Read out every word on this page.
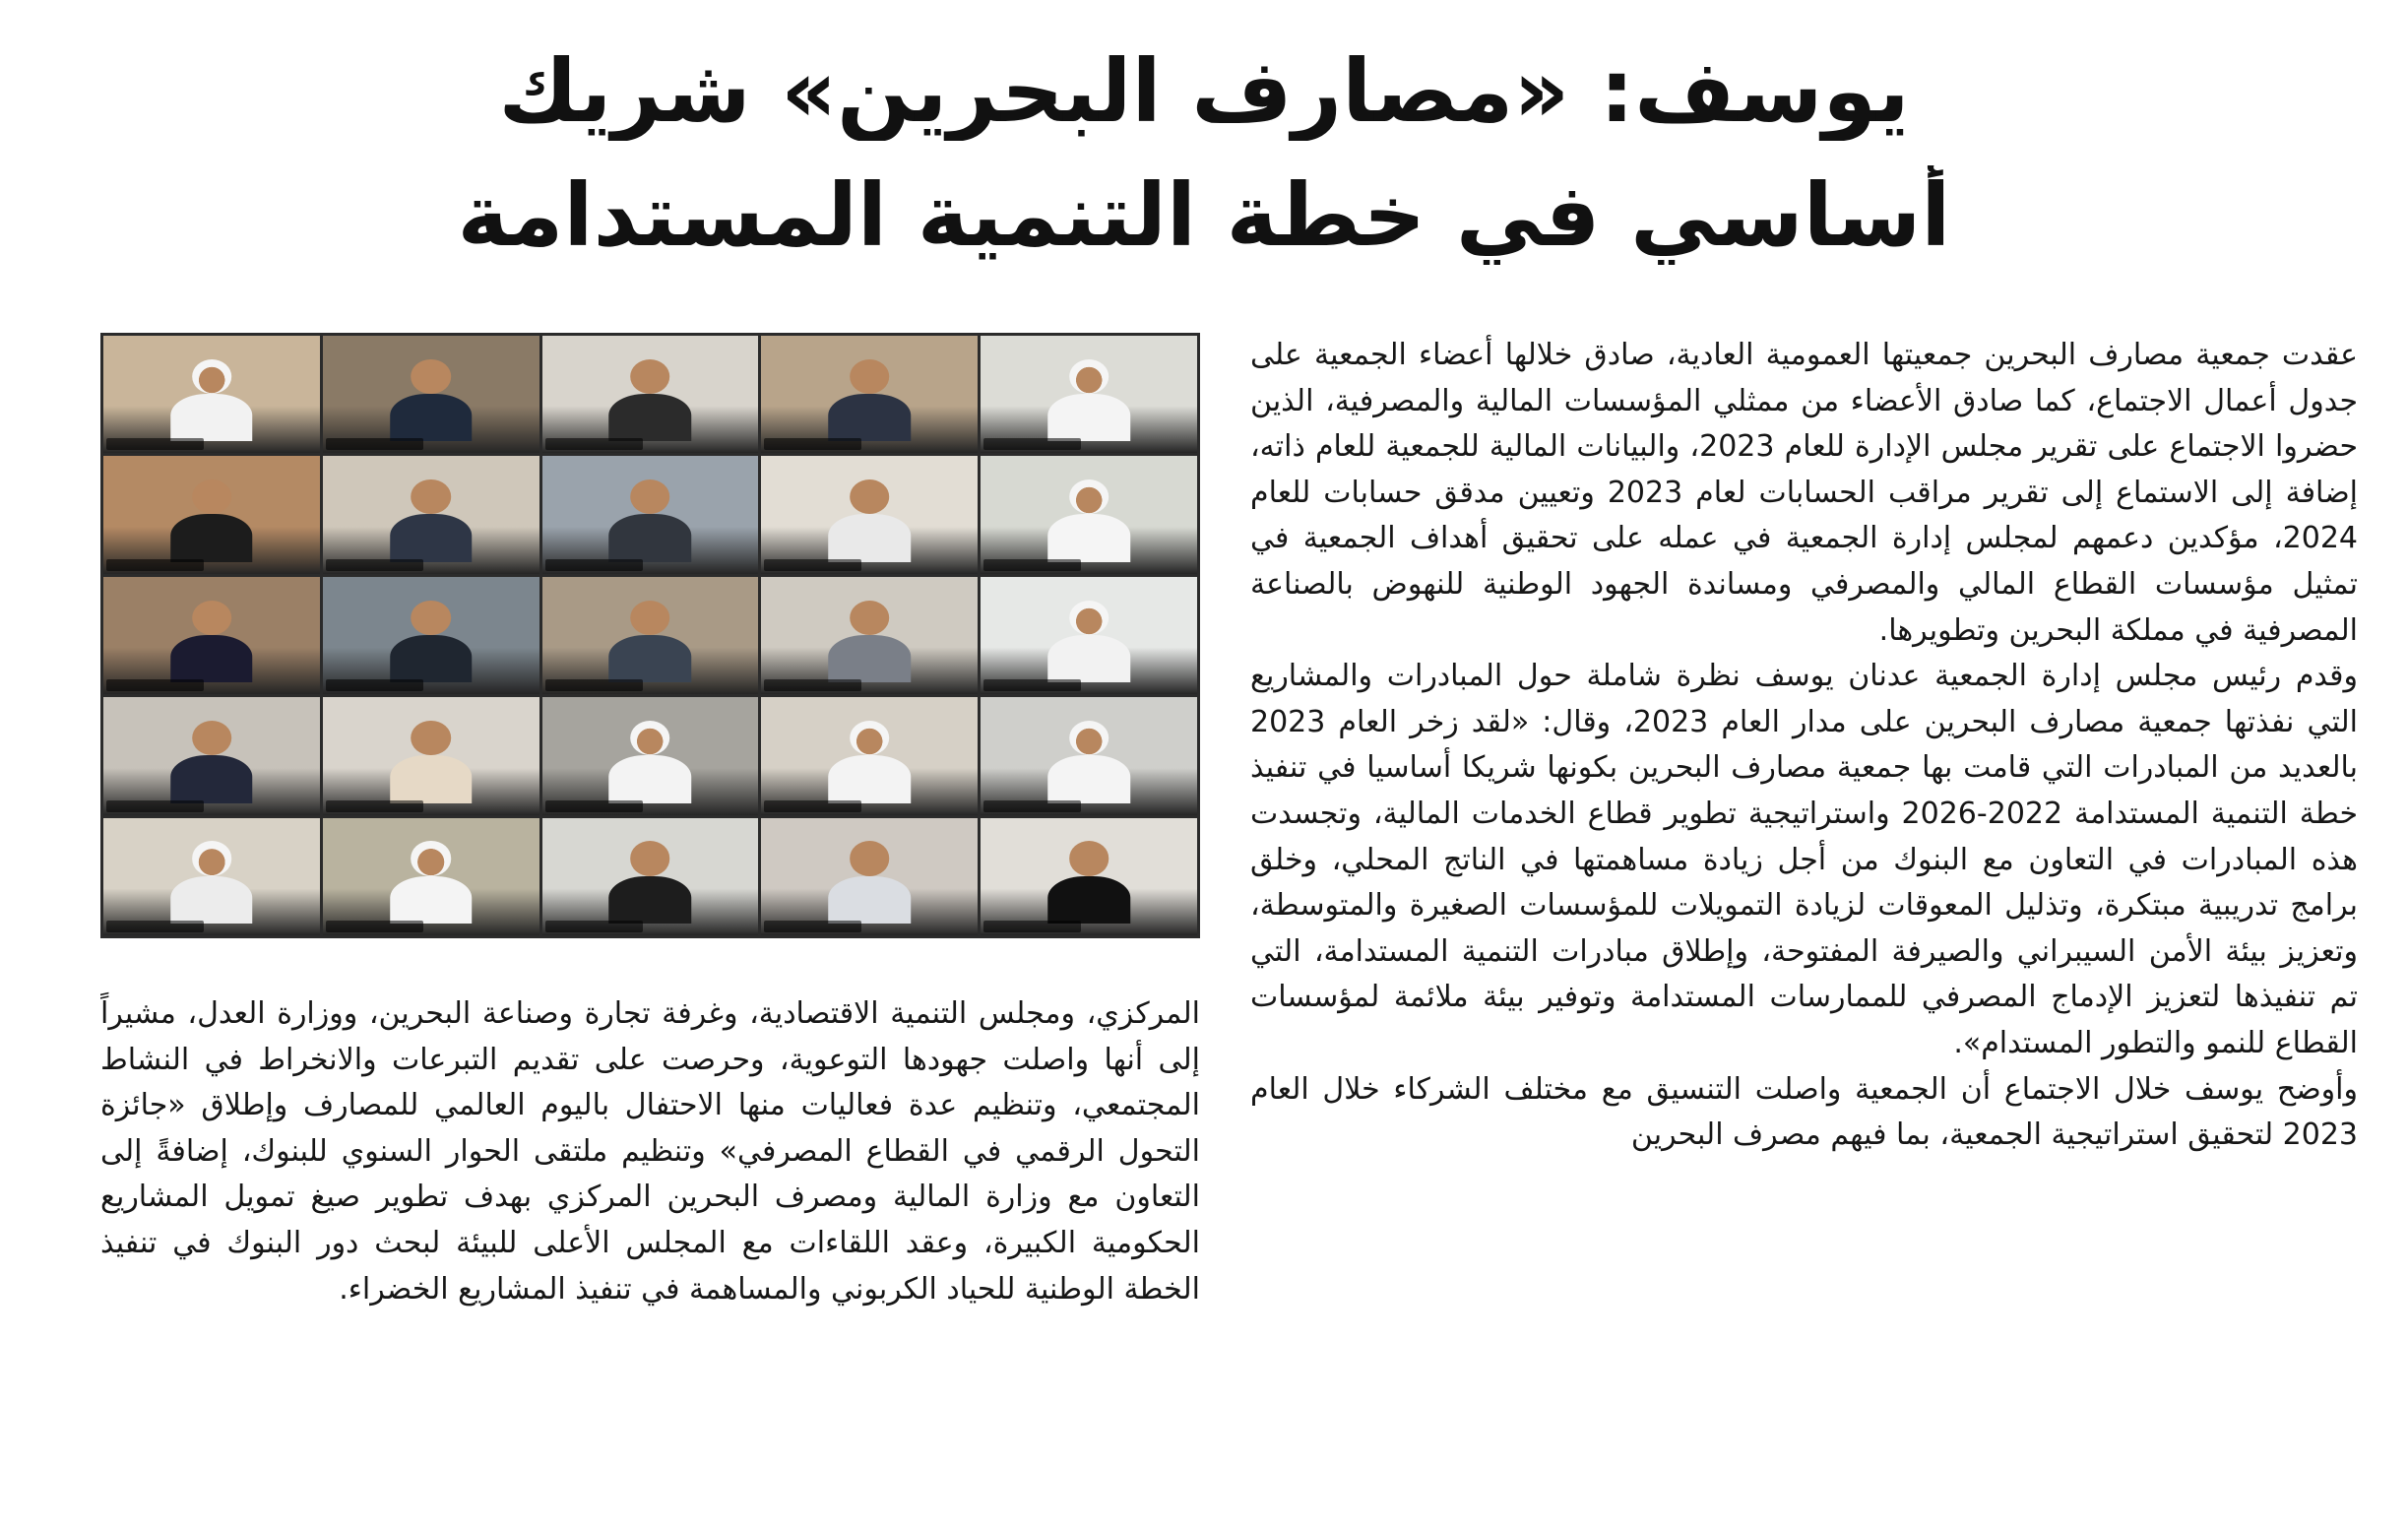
يوسف: «مصارف البحرين» شريك
أساسي في خطة التنمية المستدامة

عقدت جمعية مصارف البحرين جمعيتها العمومية العادية، صادق خلالها أعضاء الجمعية على جدول أعمال الاجتماع، كما صادق الأعضاء من ممثلي المؤسسات المالية والمصرفية، الذين حضروا الاجتماع على تقرير مجلس الإدارة للعام 2023، والبيانات المالية للجمعية للعام ذاته، إضافة إلى الاستماع إلى تقرير مراقب الحسابات لعام 2023 وتعيين مدقق حسابات للعام 2024، مؤكدين دعمهم لمجلس إدارة الجمعية في عمله على تحقيق أهداف الجمعية في تمثيل مؤسسات القطاع المالي والمصرفي ومساندة الجهود الوطنية للنهوض بالصناعة المصرفية في مملكة البحرين وتطويرها.

وقدم رئيس مجلس إدارة الجمعية عدنان يوسف نظرة شاملة حول المبادرات والمشاريع التي نفذتها جمعية مصارف البحرين على مدار العام 2023، وقال: «لقد زخر العام 2023 بالعديد من المبادرات التي قامت بها جمعية مصارف البحرين بكونها شريكا أساسيا في تنفيذ خطة التنمية المستدامة 2022-2026 واستراتيجية تطوير قطاع الخدمات المالية، وتجسدت هذه المبادرات في التعاون مع البنوك من أجل زيادة مساهمتها في الناتج المحلي، وخلق برامج تدريبية مبتكرة، وتذليل المعوقات لزيادة التمويلات للمؤسسات الصغيرة والمتوسطة، وتعزيز بيئة الأمن السيبراني والصيرفة المفتوحة، وإطلاق مبادرات التنمية المستدامة، التي تم تنفيذها لتعزيز الإدماج المصرفي للممارسات المستدامة وتوفير بيئة ملائمة لمؤسسات القطاع للنمو والتطور المستدام».

وأوضح يوسف خلال الاجتماع أن الجمعية واصلت التنسيق مع مختلف الشركاء خلال العام 2023 لتحقيق استراتيجية الجمعية، بما فيهم مصرف البحرين

المركزي، ومجلس التنمية الاقتصادية، وغرفة تجارة وصناعة البحرين، ووزارة العدل، مشيراً إلى أنها واصلت جهودها التوعوية، وحرصت على تقديم التبرعات والانخراط في النشاط المجتمعي، وتنظيم عدة فعاليات منها الاحتفال باليوم العالمي للمصارف وإطلاق «جائزة التحول الرقمي في القطاع المصرفي» وتنظيم ملتقى الحوار السنوي للبنوك، إضافةً إلى التعاون مع وزارة المالية ومصرف البحرين المركزي بهدف تطوير صيغ تمويل المشاريع الحكومية الكبيرة، وعقد اللقاءات مع المجلس الأعلى للبيئة لبحث دور البنوك في تنفيذ الخطة الوطنية للحياد الكربوني والمساهمة في تنفيذ المشاريع الخضراء.
